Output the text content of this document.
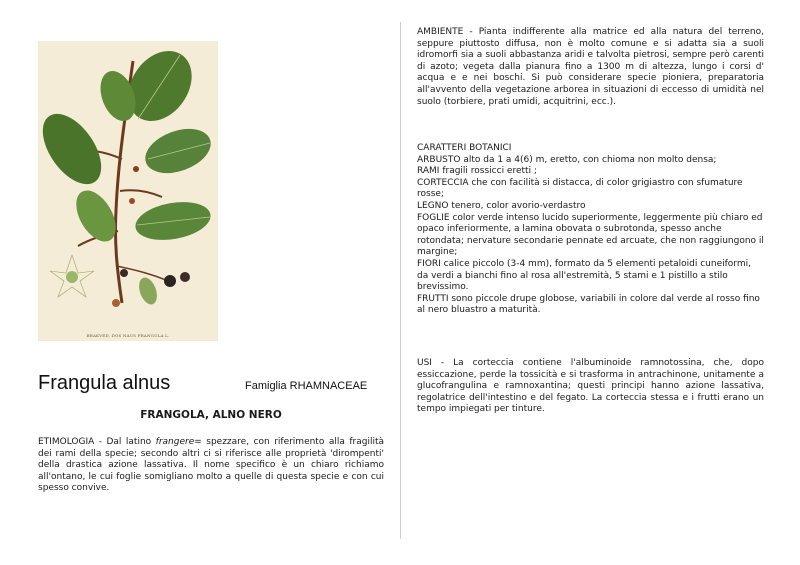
BRAKVED, DOS NAUS FRANGULA L.
Frangula alnus	Famiglia RHAMNACEAE
FRANGOLA, ALNO NERO

ETIMOLOGIA - Dal latino frangere= spezzare, con riferimento alla fragilità dei rami della specie; secondo altri ci si riferisce alle proprietà 'dirompenti' della drastica azione lassativa. Il nome specifico è un chiaro richiamo all'ontano, le cui foglie somigliano molto a quelle di questa specie e con cui spesso convive.

AMBIENTE - Pianta indifferente alla matrice ed alla natura del terreno, seppure piuttosto diffusa, non è molto comune e si adatta sia a suoli idromorfi sia a suoli abbastanza aridi e talvolta pietrosi, sempre però carenti di azoto; vegeta dalla pianura fino a 1300 m di altezza, lungo i corsi d' acqua e e nei boschi. Si può considerare specie pioniera, preparatoria all'avvento della vegetazione arborea in situazioni di eccesso di umidità nel suolo (torbiere, prati umidi, acquitrini, ecc.).

CARATTERI BOTANICI
ARBUSTO alto da 1 a 4(6) m, eretto, con chioma non molto densa;
RAMI fragili rossicci eretti ;
CORTECCIA che con facilità si distacca, di color grigiastro con sfumature rosse;
LEGNO tenero, color avorio-verdastro
FOGLIE color verde intenso lucido superiormente, leggermente più chiaro ed opaco inferiormente, a lamina obovata o subrotonda, spesso anche rotondata; nervature secondarie pennate ed arcuate, che non raggiungono il margine;
FIORI calice piccolo (3-4 mm), formato da 5 elementi petaloidi cuneiformi, da verdi a bianchi fino al rosa all'estremità, 5 stami e 1 pistillo a stilo brevissimo.
FRUTTI sono piccole drupe globose, variabili in colore dal verde al rosso fino al nero bluastro a maturità.

USI - La corteccia contiene l'albuminoide ramnotossina, che, dopo essiccazione, perde la tossicità e si trasforma in antrachinone, unitamente a glucofrangulina e ramnoxantina; questi principi hanno azione lassativa, regolatrice dell'intestino e del fegato. La corteccia stessa e i frutti erano un tempo impiegati per tinture.
